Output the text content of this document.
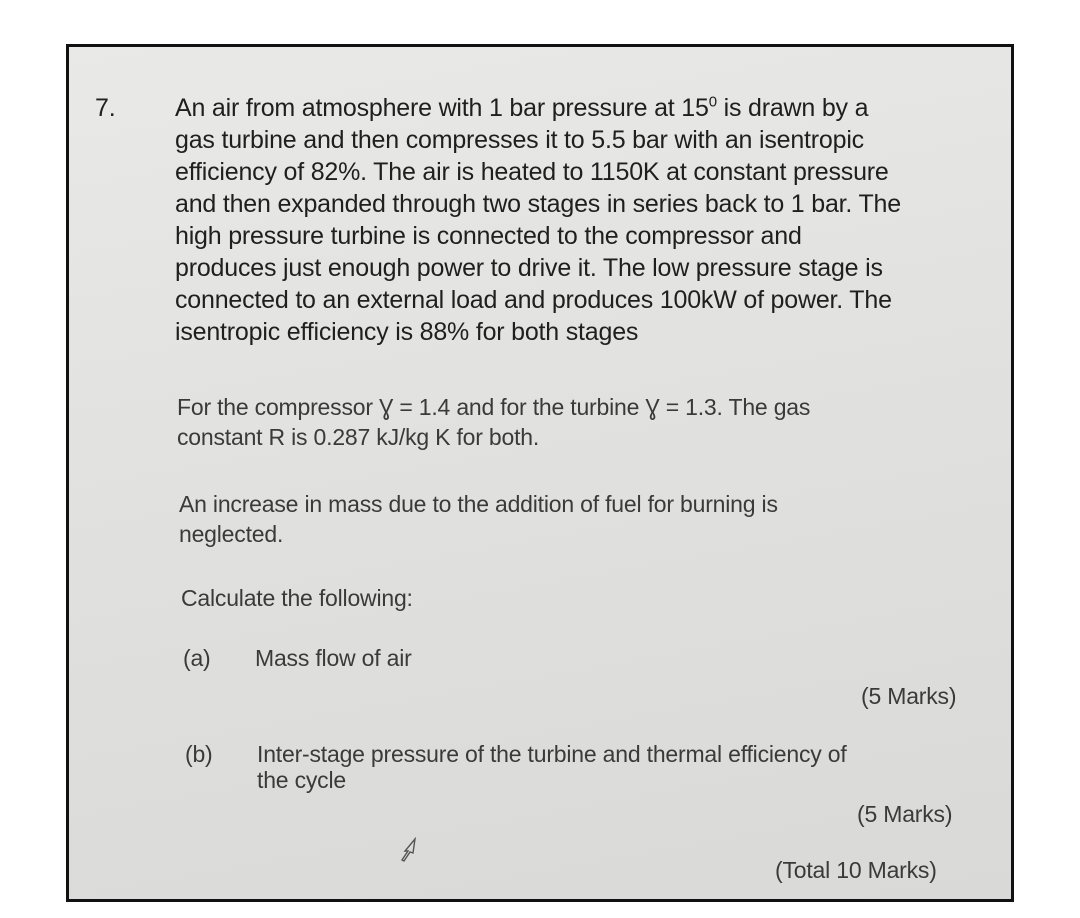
7. An air from atmosphere with 1 bar pressure at $15^0$ is drawn by a
gas turbine and then compresses it to 5.5 bar with an isentropic
efficiency of 82%. The air is heated to 1150K at constant pressure
and then expanded through two stages in series back to 1 bar. The
high pressure turbine is connected to the compressor and
produces just enough power to drive it. The low pressure stage is
connected to an external load and produces 100kW of power. The
isentropic efficiency is 88% for both stages
For the compressor Ɣ = 1.4 and for the turbine Ɣ = 1.3. The gas
constant R is 0.287 kJ/kg K for both.
An increase in mass due to the addition of fuel for burning is
neglected.
Calculate the following:
(a) Mass flow of air
(5 Marks)
(b) Inter-stage pressure of the turbine and thermal efficiency of
the cycle
(5 Marks)
(Total 10 Marks)
